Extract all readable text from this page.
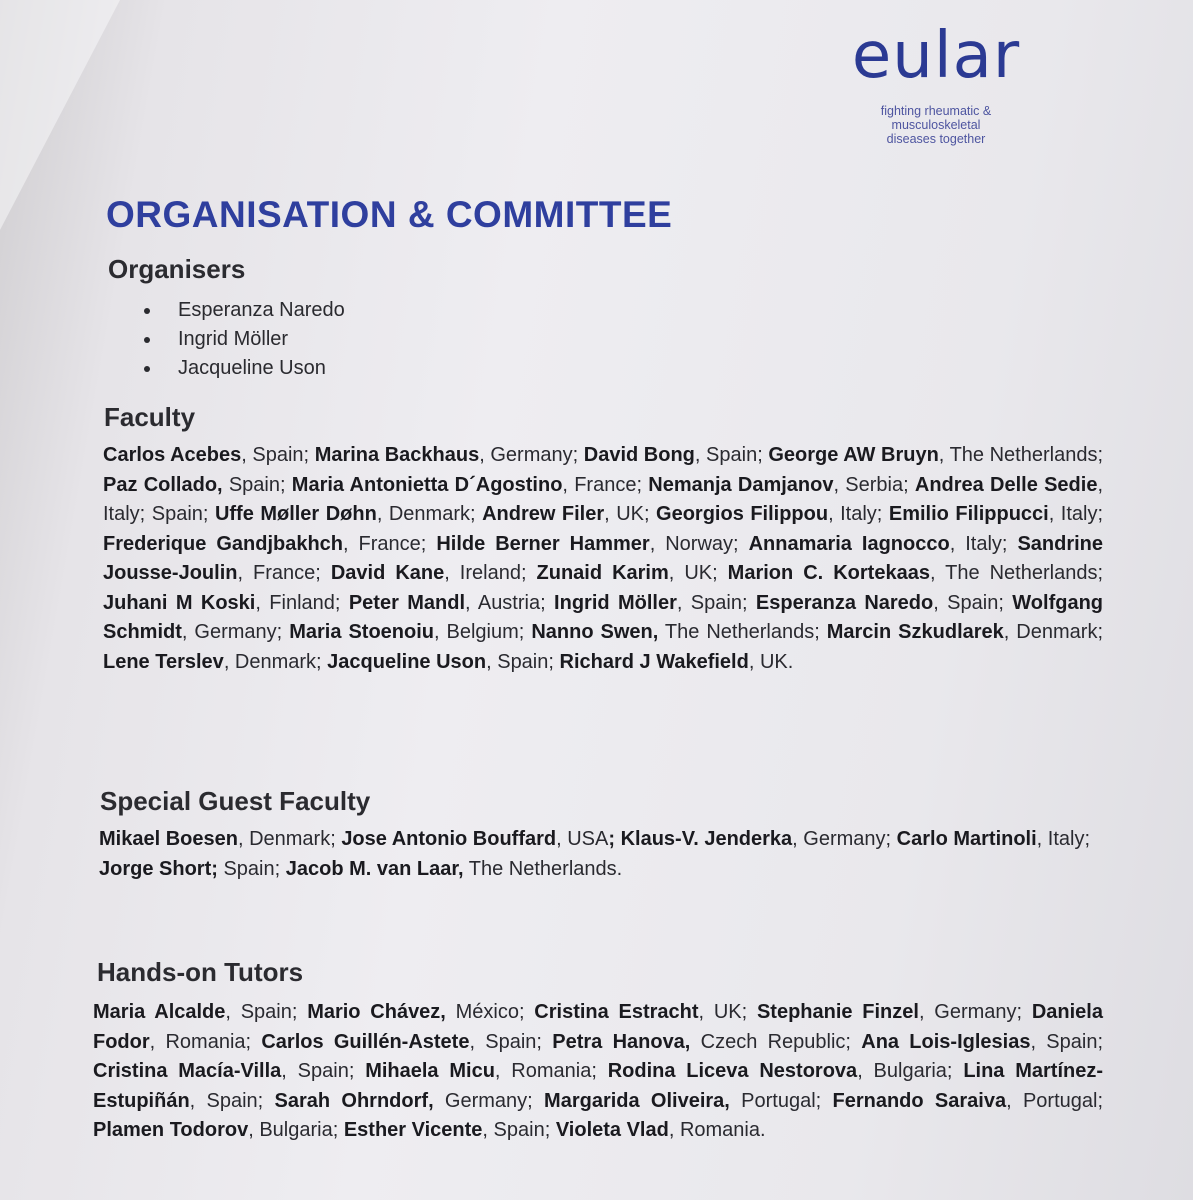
eular
fighting rheumatic & musculoskeletal
diseases together
ORGANISATION & COMMITTEE
Organisers
Esperanza Naredo
Ingrid Möller
Jacqueline Uson
Faculty

Carlos Acebes, Spain; Marina Backhaus, Germany; David Bong, Spain; George AW Bruyn, The Netherlands; Paz Collado, Spain; Maria Antonietta D´Agostino, France; Nemanja Damjanov, Serbia; Andrea Delle Sedie, Italy; Spain; Uffe Møller Døhn, Denmark; Andrew Filer, UK; Georgios Filippou, Italy; Emilio Filippucci, Italy; Frederique Gandjbakhch, France; Hilde Berner Hammer, Norway; Annamaria Iagnocco, Italy; Sandrine Jousse-Joulin, France; David Kane, Ireland; Zunaid Karim, UK; Marion C. Kortekaas, The Netherlands; Juhani M Koski, Finland; Peter Mandl, Austria; Ingrid Möller, Spain; Esperanza Naredo, Spain; Wolfgang Schmidt, Germany; Maria Stoenoiu, Belgium; Nanno Swen, The Netherlands; Marcin Szkudlarek, Denmark; Lene Terslev, Denmark; Jacqueline Uson, Spain; Richard J Wakefield, UK.

Special Guest Faculty

Mikael Boesen, Denmark; Jose Antonio Bouffard, USA; Klaus-V. Jenderka, Germany; Carlo Martinoli, Italy; Jorge Short; Spain; Jacob M. van Laar, The Netherlands.

Hands-on Tutors

Maria Alcalde, Spain; Mario Chávez, México; Cristina Estracht, UK; Stephanie Finzel, Germany; Daniela Fodor, Romania; Carlos Guillén-Astete, Spain; Petra Hanova, Czech Republic; Ana Lois-Iglesias, Spain; Cristina Macía-Villa, Spain; Mihaela Micu, Romania; Rodina Liceva Nestorova, Bulgaria; Lina Martínez-Estupiñán, Spain; Sarah Ohrndorf, Germany; Margarida Oliveira, Portugal; Fernando Saraiva, Portugal; Plamen Todorov, Bulgaria; Esther Vicente, Spain; Violeta Vlad, Romania.
